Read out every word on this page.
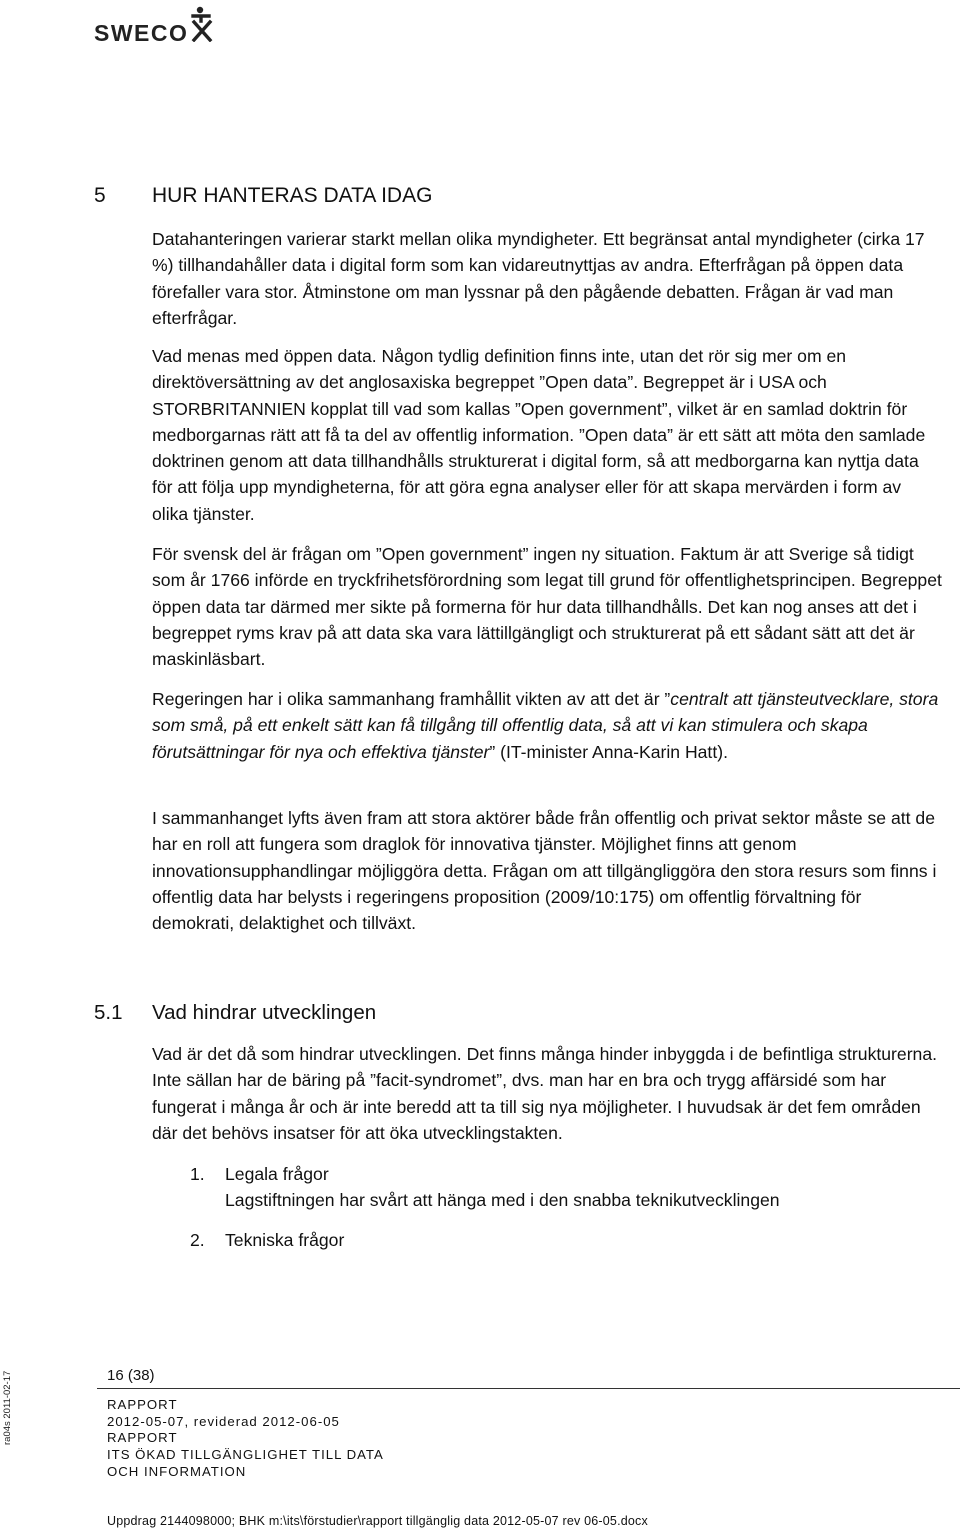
SWECO
5 HUR HANTERAS DATA IDAG

Datahanteringen varierar starkt mellan olika myndigheter. Ett begränsat antal myndigheter (cirka 17 %) tillhandahåller data i digital form som kan vidareutnyttjas av andra. Efterfrågan på öppen data förefaller vara stor. Åtminstone om man lyssnar på den pågående debatten. Frågan är vad man efterfrågar.

Vad menas med öppen data. Någon tydlig definition finns inte, utan det rör sig mer om en direktöversättning av det anglosaxiska begreppet ”Open data”. Begreppet är i USA och STORBRITANNIEN kopplat till vad som kallas ”Open government”, vilket är en samlad doktrin för medborgarnas rätt att få ta del av offentlig information. ”Open data” är ett sätt att möta den samlade doktrinen genom att data tillhandhålls strukturerat i digital form, så att medborgarna kan nyttja data för att följa upp myndigheterna, för att göra egna analyser eller för att skapa mervärden i form av olika tjänster.

För svensk del är frågan om ”Open government” ingen ny situation. Faktum är att Sverige så tidigt som år 1766 införde en tryckfrihetsförordning som legat till grund för offentlighetsprincipen. Begreppet öppen data tar därmed mer sikte på formerna för hur data tillhandhålls. Det kan nog anses att det i begreppet ryms krav på att data ska vara lättillgängligt och strukturerat på ett sådant sätt att det är maskinläsbart.

Regeringen har i olika sammanhang framhållit vikten av att det är ”centralt att tjänsteutvecklare, stora som små, på ett enkelt sätt kan få tillgång till offentlig data, så att vi kan stimulera och skapa förutsättningar för nya och effektiva tjänster” (IT-minister Anna-Karin Hatt).

I sammanhanget lyfts även fram att stora aktörer både från offentlig och privat sektor måste se att de har en roll att fungera som draglok för innovativa tjänster. Möjlighet finns att genom innovationsupphandlingar möjliggöra detta. Frågan om att tillgängliggöra den stora resurs som finns i offentlig data har belysts i regeringens proposition (2009/10:175) om offentlig förvaltning för demokrati, delaktighet och tillväxt.

5.1 Vad hindrar utvecklingen

Vad är det då som hindrar utvecklingen. Det finns många hinder inbyggda i de befintliga strukturerna. Inte sällan har de bäring på ”facit-syndromet”, dvs. man har en bra och trygg affärsidé som har fungerat i många år och är inte beredd att ta till sig nya möjligheter. I huvudsak är det fem områden där det behövs insatser för att öka utvecklingstakten.

1. Legala frågor
Lagstiftningen har svårt att hänga med i den snabba teknikutvecklingen
2. Tekniska frågor
ra04s 2011-02-17	16 (38)
RAPPORT
2012-05-07, reviderad 2012-06-05
RAPPORT
ITS ÖKAD TILLGÄNGLIGHET TILL DATA
OCH INFORMATION
Uppdrag 2144098000; BHK m:\its\förstudier\rapport tillgänglig data 2012-05-07 rev 06-05.docx
